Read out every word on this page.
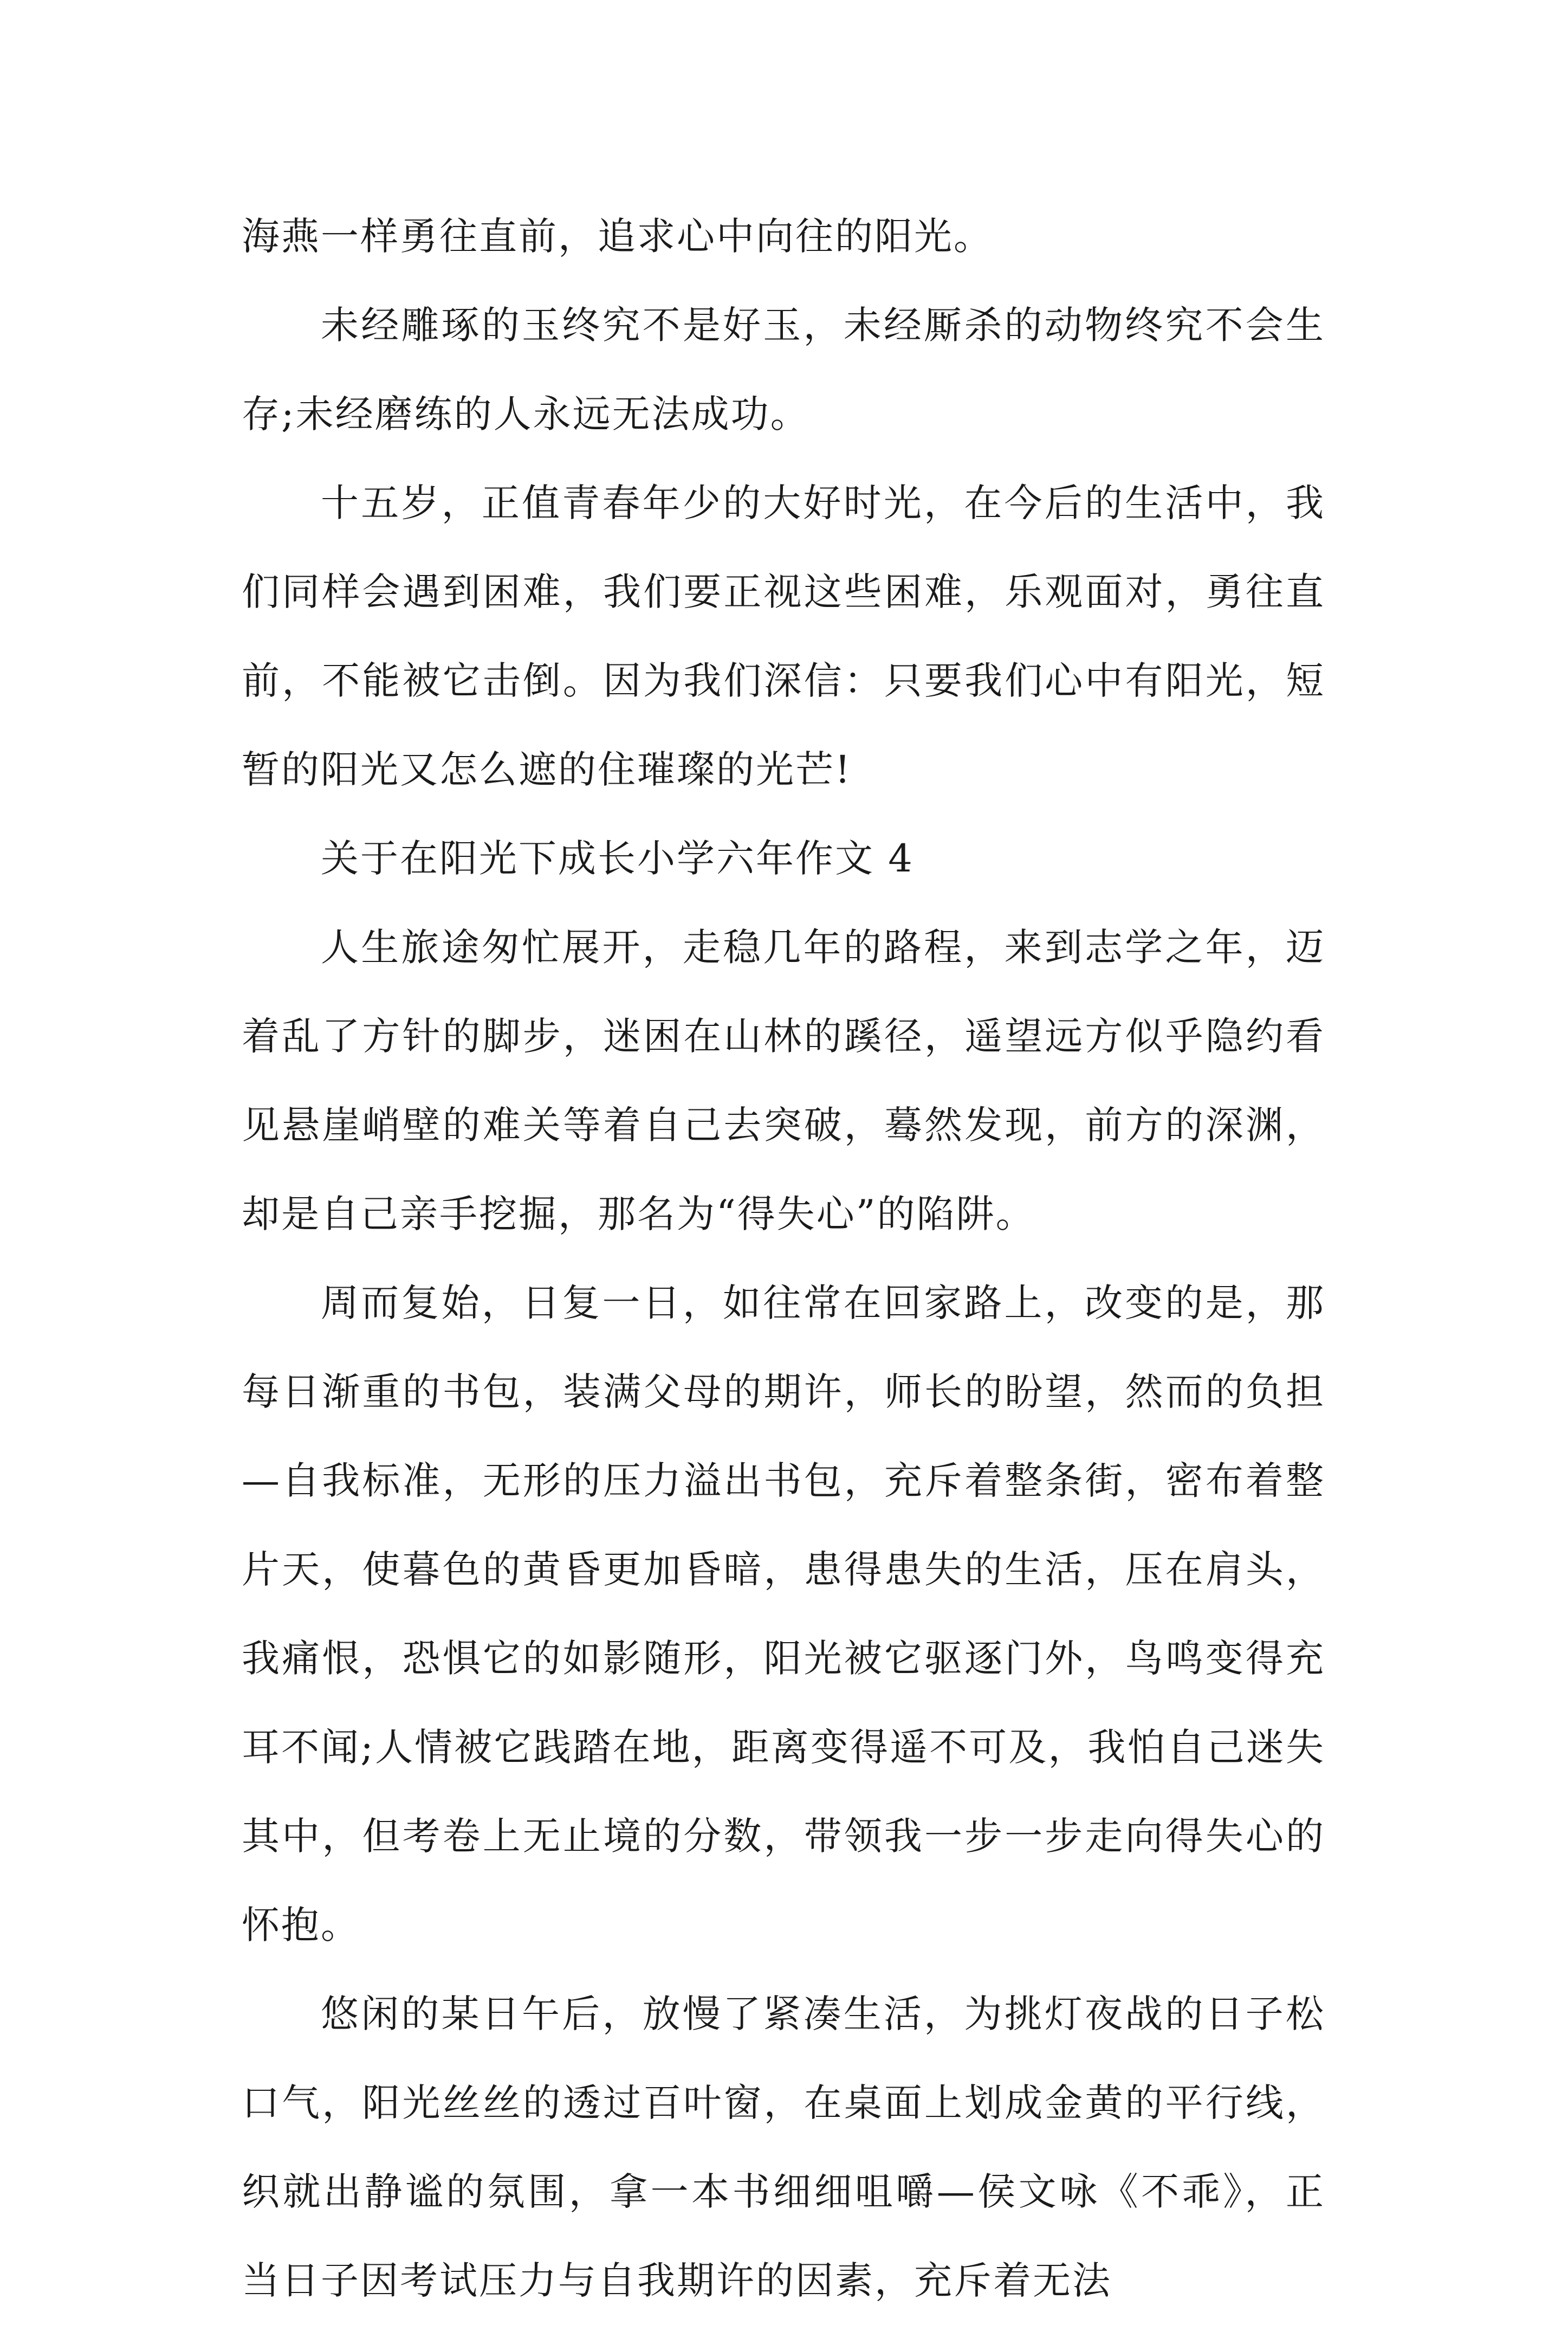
海燕一样勇往直前，追求心中向往的阳光。

未经雕琢的玉终究不是好玉，未经厮杀的动物终究不会生存;未经磨练的人永远无法成功。

十五岁，正值青春年少的大好时光，在今后的生活中，我们同样会遇到困难，我们要正视这些困难，乐观面对，勇往直前，不能被它击倒。因为我们深信：只要我们心中有阳光，短暂的阳光又怎么遮的住璀璨的光芒!

关于在阳光下成长小学六年作文 4

人生旅途匆忙展开，走稳几年的路程，来到志学之年，迈着乱了方针的脚步，迷困在山林的蹊径，遥望远方似乎隐约看见悬崖峭壁的难关等着自己去突破，蓦然发现，前方的深渊，却是自己亲手挖掘，那名为“得失心”的陷阱。

周而复始，日复一日，如往常在回家路上，改变的是，那每日渐重的书包，装满父母的期许，师长的盼望，然而的负担—自我标准，无形的压力溢出书包，充斥着整条街，密布着整片天，使暮色的黄昏更加昏暗，患得患失的生活，压在肩头，我痛恨，恐惧它的如影随形，阳光被它驱逐门外，鸟鸣变得充耳不闻;人情被它践踏在地，距离变得遥不可及，我怕自己迷失其中，但考卷上无止境的分数，带领我一步一步走向得失心的怀抱。

悠闲的某日午后，放慢了紧凑生活，为挑灯夜战的日子松口气，阳光丝丝的透过百叶窗，在桌面上划成金黄的平行线，织就出静谧的氛围，拿一本书细细咀嚼—侯文咏《不乖》，正当日子因考试压力与自我期许的因素，充斥着无法
